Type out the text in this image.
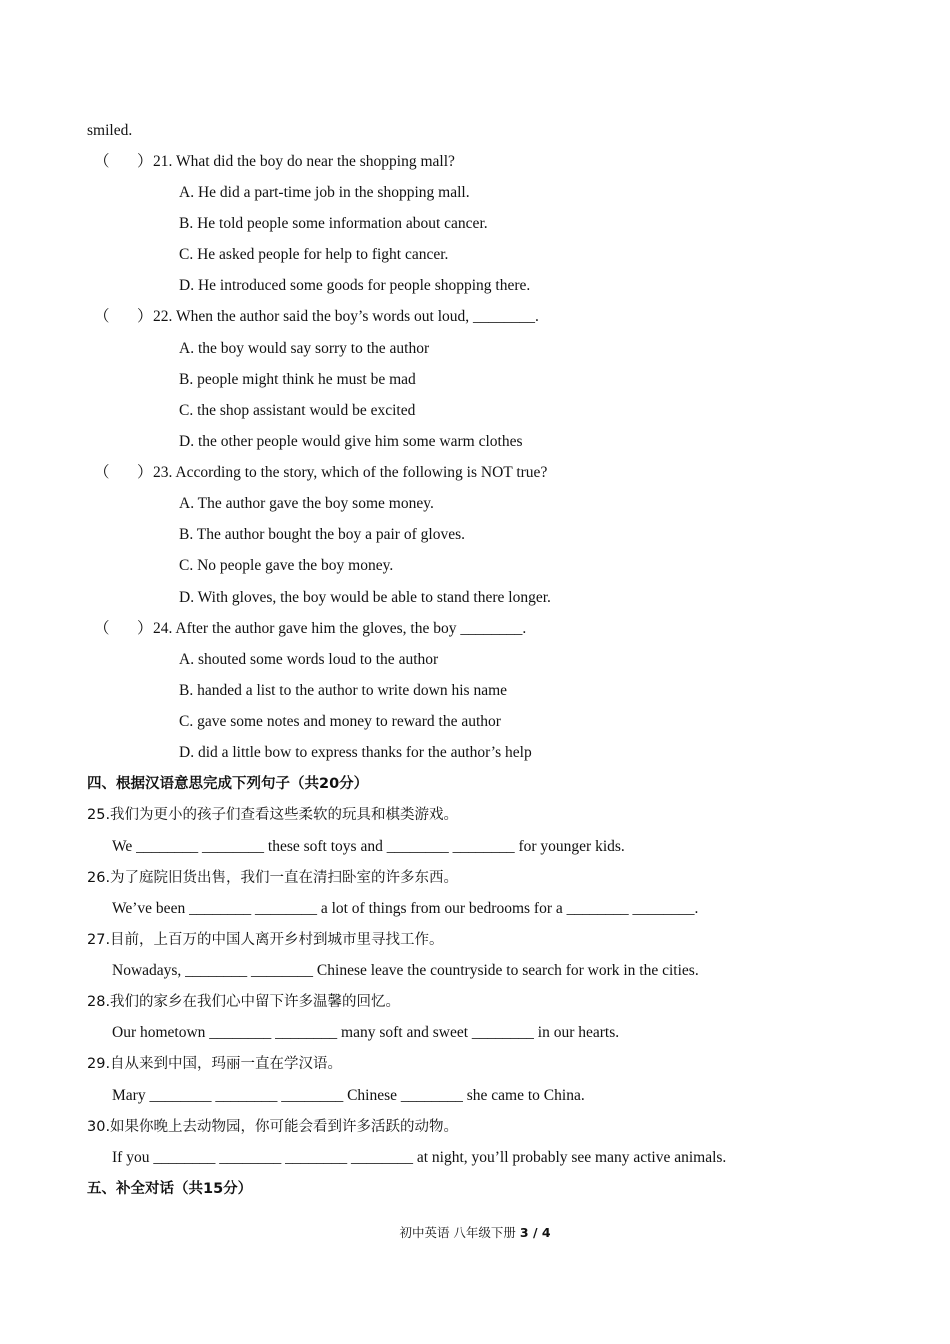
smiled.
（ ） 21. What did the boy do near the shopping mall?
A. He did a part-time job in the shopping mall.
B. He told people some information about cancer.
C. He asked people for help to fight cancer.
D. He introduced some goods for people shopping there.
（ ） 22. When the author said the boy’s words out loud, ________.
A. the boy would say sorry to the author
B. people might think he must be mad
C. the shop assistant would be excited
D. the other people would give him some warm clothes
（ ） 23. According to the story, which of the following is NOT true?
A. The author gave the boy some money.
B. The author bought the boy a pair of gloves.
C. No people gave the boy money.
D. With gloves, the boy would be able to stand there longer.
（ ） 24. After the author gave him the gloves, the boy ________.
A. shouted some words loud to the author
B. handed a list to the author to write down his name
C. gave some notes and money to reward the author
D. did a little bow to express thanks for the author’s help
四、根据汉语意思完成下列句子（共20分）
25.我们为更小的孩子们查看这些柔软的玩具和棋类游戏。
We ________ ________ these soft toys and ________ ________ for younger kids.
26.为了庭院旧货出售，我们一直在清扫卧室的许多东西。
We’ve been ________ ________ a lot of things from our bedrooms for a ________ ________.
27.目前，上百万的中国人离开乡村到城市里寻找工作。
Nowadays, ________ ________ Chinese leave the countryside to search for work in the cities.
28.我们的家乡在我们心中留下许多温馨的回忆。
Our hometown ________ ________ many soft and sweet ________ in our hearts.
29.自从来到中国，玛丽一直在学汉语。
Mary ________ ________ ________ Chinese ________ she came to China.
30.如果你晚上去动物园，你可能会看到许多活跃的动物。
If you ________ ________ ________ ________ at night, you’ll probably see many active animals.
五、补全对话（共15分）
初中英语 八年级下册 3 / 4
